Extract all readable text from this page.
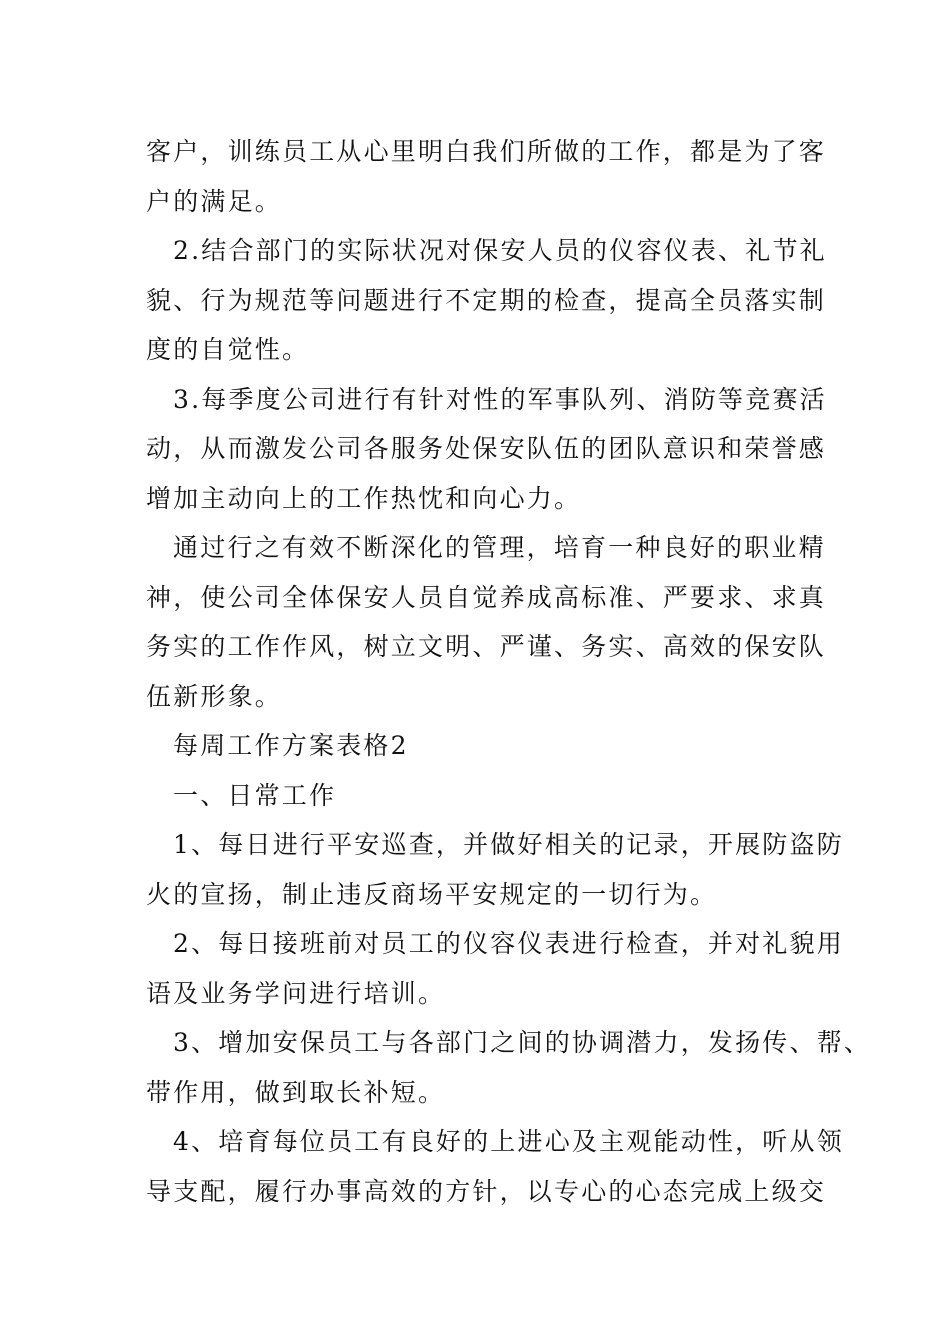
客户，训练员工从心里明白我们所做的工作，都是为了客
户的满足。
2.结合部门的实际状况对保安人员的仪容仪表、礼节礼
貌、行为规范等问题进行不定期的检查，提高全员落实制
度的自觉性。
3.每季度公司进行有针对性的军事队列、消防等竞赛活
动，从而激发公司各服务处保安队伍的团队意识和荣誉感
增加主动向上的工作热忱和向心力。
通过行之有效不断深化的管理，培育一种良好的职业精
神，使公司全体保安人员自觉养成高标准、严要求、求真
务实的工作作风，树立文明、严谨、务实、高效的保安队
伍新形象。
每周工作方案表格2
一、日常工作
1、每日进行平安巡查，并做好相关的记录，开展防盗防
火的宣扬，制止违反商场平安规定的一切行为。
2、每日接班前对员工的仪容仪表进行检查，并对礼貌用
语及业务学问进行培训。
3、增加安保员工与各部门之间的协调潜力，发扬传、帮、
带作用，做到取长补短。
4、培育每位员工有良好的上进心及主观能动性，听从领
导支配，履行办事高效的方针，以专心的心态完成上级交
